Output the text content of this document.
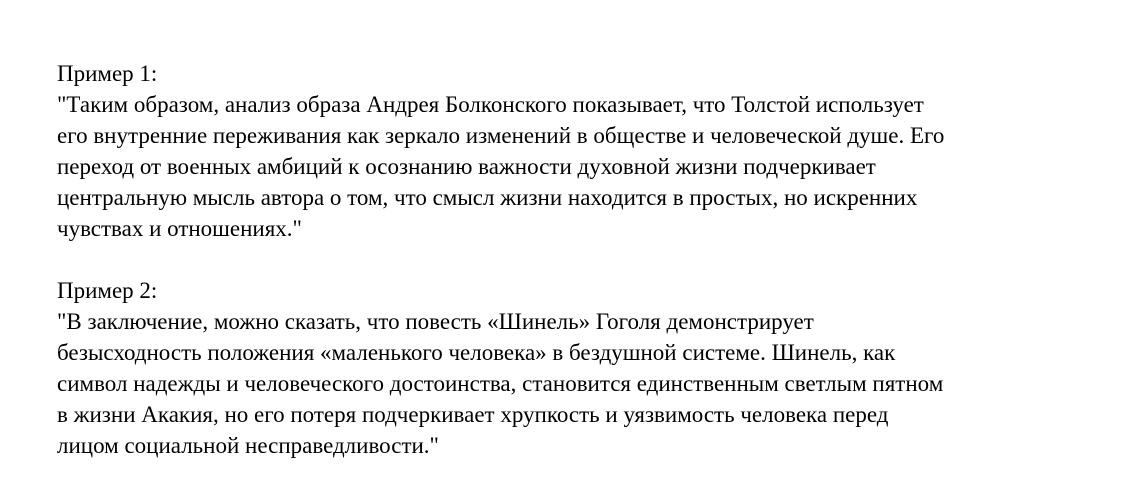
Пример 1:

"Таким образом, анализ образа Андрея Болконского показывает, что Толстой использует
его внутренние переживания как зеркало изменений в обществе и человеческой душе. Его
переход от военных амбиций к осознанию важности духовной жизни подчеркивает
центральную мысль автора о том, что смысл жизни находится в простых, но искренних
чувствах и отношениях."

Пример 2:

"В заключение, можно сказать, что повесть «Шинель» Гоголя демонстрирует
безысходность положения «маленького человека» в бездушной системе. Шинель, как
символ надежды и человеческого достоинства, становится единственным светлым пятном
в жизни Акакия, но его потеря подчеркивает хрупкость и уязвимость человека перед
лицом социальной несправедливости."
